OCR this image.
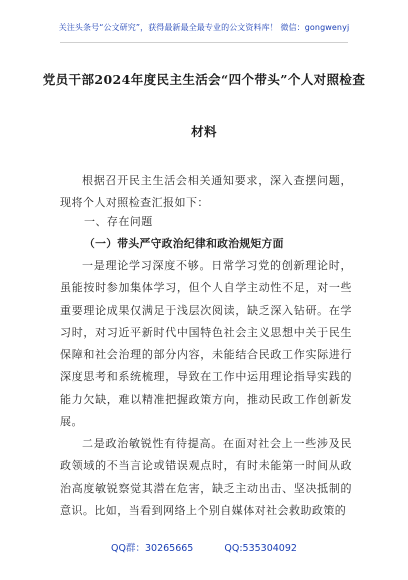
关注头条号“公文研究”，获得最新最全最专业的公文资料库！ 微信：gongwenyj
党员干部2024年度民主生活会“四个带头”个人对照检查
材料

根据召开民主生活会相关通知要求，深入查摆问题，现将个人对照检查汇报如下：

一、存在问题
（一）带头严守政治纪律和政治规矩方面

一是理论学习深度不够。日常学习党的创新理论时，虽能按时参加集体学习，但个人自学主动性不足，对一些重要理论成果仅满足于浅层次阅读，缺乏深入钻研。在学习时，对习近平新时代中国特色社会主义思想中关于民生保障和社会治理的部分内容，未能结合民政工作实际进行深度思考和系统梳理，导致在工作中运用理论指导实践的能力欠缺，难以精准把握政策方向，推动民政工作创新发展。

二是政治敏锐性有待提高。在面对社会上一些涉及民政领域的不当言论或错误观点时，有时未能第一时间从政治高度敏锐察觉其潜在危害，缺乏主动出击、坚决抵制的意识。比如，当看到网络上个别自媒体对社会救助政策的

QQ群：30265665	QQ:535304092
